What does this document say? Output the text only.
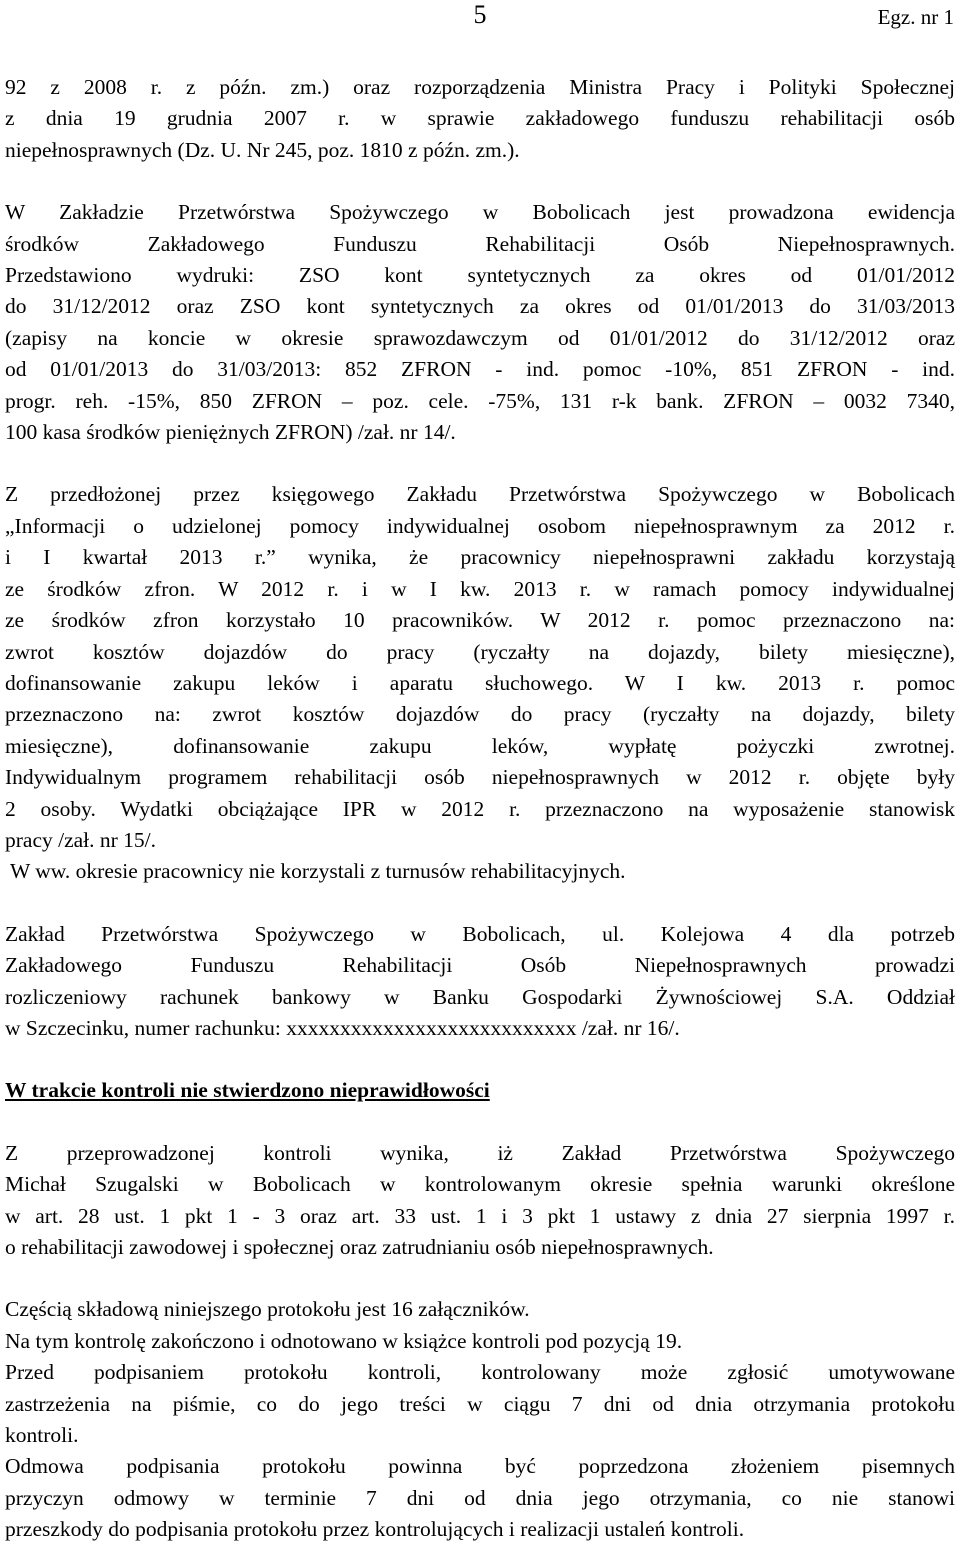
5	Egz. nr 1
92 z 2008 r. z późn. zm.) oraz rozporządzenia Ministra Pracy i Polityki Społecznej
z dnia 19 grudnia 2007 r. w sprawie zakładowego funduszu rehabilitacji osób
niepełnosprawnych (Dz. U. Nr 245, poz. 1810 z późn. zm.).
W Zakładzie Przetwórstwa Spożywczego w Bobolicach jest prowadzona ewidencja
środków Zakładowego Funduszu Rehabilitacji Osób Niepełnosprawnych.
Przedstawiono wydruki: ZSO kont syntetycznych za okres od 01/01/2012
do 31/12/2012 oraz ZSO kont syntetycznych za okres od 01/01/2013 do 31/03/2013
(zapisy na koncie w okresie sprawozdawczym od 01/01/2012 do 31/12/2012 oraz
od 01/01/2013 do 31/03/2013: 852 ZFRON - ind. pomoc -10%, 851 ZFRON - ind.
progr. reh. -15%, 850 ZFRON – poz. cele. -75%, 131 r-k bank. ZFRON – 0032 7340,
100 kasa środków pieniężnych ZFRON) /zał. nr 14/.
Z przedłożonej przez księgowego Zakładu Przetwórstwa Spożywczego w Bobolicach
„Informacji o udzielonej pomocy indywidualnej osobom niepełnosprawnym za 2012 r.
i I kwartał 2013 r.” wynika, że pracownicy niepełnosprawni zakładu korzystają
ze środków zfron. W 2012 r. i w I kw. 2013 r. w ramach pomocy indywidualnej
ze środków zfron korzystało 10 pracowników. W 2012 r. pomoc przeznaczono na:
zwrot kosztów dojazdów do pracy (ryczałty na dojazdy, bilety miesięczne),
dofinansowanie zakupu leków i aparatu słuchowego. W I kw. 2013 r. pomoc
przeznaczono na: zwrot kosztów dojazdów do pracy (ryczałty na dojazdy, bilety
miesięczne), dofinansowanie zakupu leków, wypłatę pożyczki zwrotnej.
Indywidualnym programem rehabilitacji osób niepełnosprawnych w 2012 r. objęte były
2 osoby. Wydatki obciążające IPR w 2012 r. przeznaczono na wyposażenie stanowisk
pracy /zał. nr 15/.
W ww. okresie pracownicy nie korzystali z turnusów rehabilitacyjnych.
Zakład Przetwórstwa Spożywczego w Bobolicach, ul. Kolejowa 4 dla potrzeb
Zakładowego Funduszu Rehabilitacji Osób Niepełnosprawnych prowadzi
rozliczeniowy rachunek bankowy w Banku Gospodarki Żywnościowej S.A. Oddział
w Szczecinku, numer rachunku: xxxxxxxxxxxxxxxxxxxxxxxxxxx /zał. nr 16/.
W trakcie kontroli nie stwierdzono nieprawidłowości
Z przeprowadzonej kontroli wynika, iż Zakład Przetwórstwa Spożywczego
Michał Szugalski w Bobolicach w kontrolowanym okresie spełnia warunki określone
w art. 28 ust. 1 pkt 1 - 3 oraz art. 33 ust. 1 i 3 pkt 1 ustawy z dnia 27 sierpnia 1997 r.
o rehabilitacji zawodowej i społecznej oraz zatrudnianiu osób niepełnosprawnych.
Częścią składową niniejszego protokołu jest 16 załączników.
Na tym kontrolę zakończono i odnotowano w książce kontroli pod pozycją 19.
Przed podpisaniem protokołu kontroli, kontrolowany może zgłosić umotywowane
zastrzeżenia na piśmie, co do jego treści w ciągu 7 dni od dnia otrzymania protokołu
kontroli.
Odmowa podpisania protokołu powinna być poprzedzona złożeniem pisemnych
przyczyn odmowy w terminie 7 dni od dnia jego otrzymania, co nie stanowi
przeszkody do podpisania protokołu przez kontrolujących i realizacji ustaleń kontroli.
